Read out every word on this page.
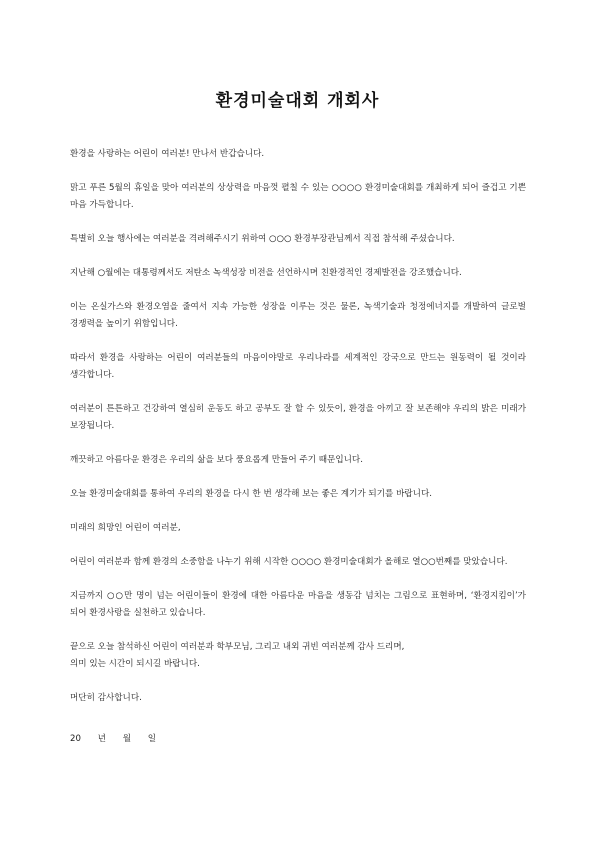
환경미술대회 개회사

환경을 사랑하는 어린이 여러분! 만나서 반갑습니다.

맑고 푸른 5월의 휴일을 맞아 여러분의 상상력을 마음껏 펼칠 수 있는 ○○○○ 환경미술대회를 개최하게 되어 즐겁고 기쁜 마음 가득합니다.

특별히 오늘 행사에는 여러분을 격려해주시기 위하여 ○○○ 환경부장관님께서 직접 참석해 주셨습니다.

지난해 ○월에는 대통령께서도 저탄소 녹색성장 비전을 선언하시며 친환경적인 경제발전을 강조했습니다.

이는 온실가스와 환경오염을 줄여서 지속 가능한 성장을 이루는 것은 물론, 녹색기술과 청정에너지를 개발하여 글로벌 경쟁력을 높이기 위함입니다.

따라서 환경을 사랑하는 어린이 여러분들의 마음이야말로 우리나라를 세계적인 강국으로 만드는 원동력이 될 것이라 생각합니다.

여러분이 튼튼하고 건강하여 열심히 운동도 하고 공부도 잘 할 수 있듯이, 환경을 아끼고 잘 보존해야 우리의 밝은 미래가 보장됩니다.

깨끗하고 아름다운 환경은 우리의 삶을 보다 풍요롭게 만들어 주기 때문입니다.

오늘 환경미술대회를 통하여 우리의 환경을 다시 한 번 생각해 보는 좋은 계기가 되기를 바랍니다.

미래의 희망인 어린이 여러분,

어린이 여러분과 함께 환경의 소중함을 나누기 위해 시작한 ○○○○ 환경미술대회가 올해로 열○○번째를 맞았습니다.

지금까지 ○○만 명이 넘는 어린이들이 환경에 대한 아름다운 마음을 생동감 넘치는 그림으로 표현하며, ‘환경지킴이’가 되어 환경사랑을 실천하고 있습니다.

끝으로 오늘 참석하신 어린이 여러분과 학부모님, 그리고 내외 귀빈 여러분께 감사 드리며,
의미 있는 시간이 되시길 바랍니다.

머단히 감사합니다.

20 년 월 일
